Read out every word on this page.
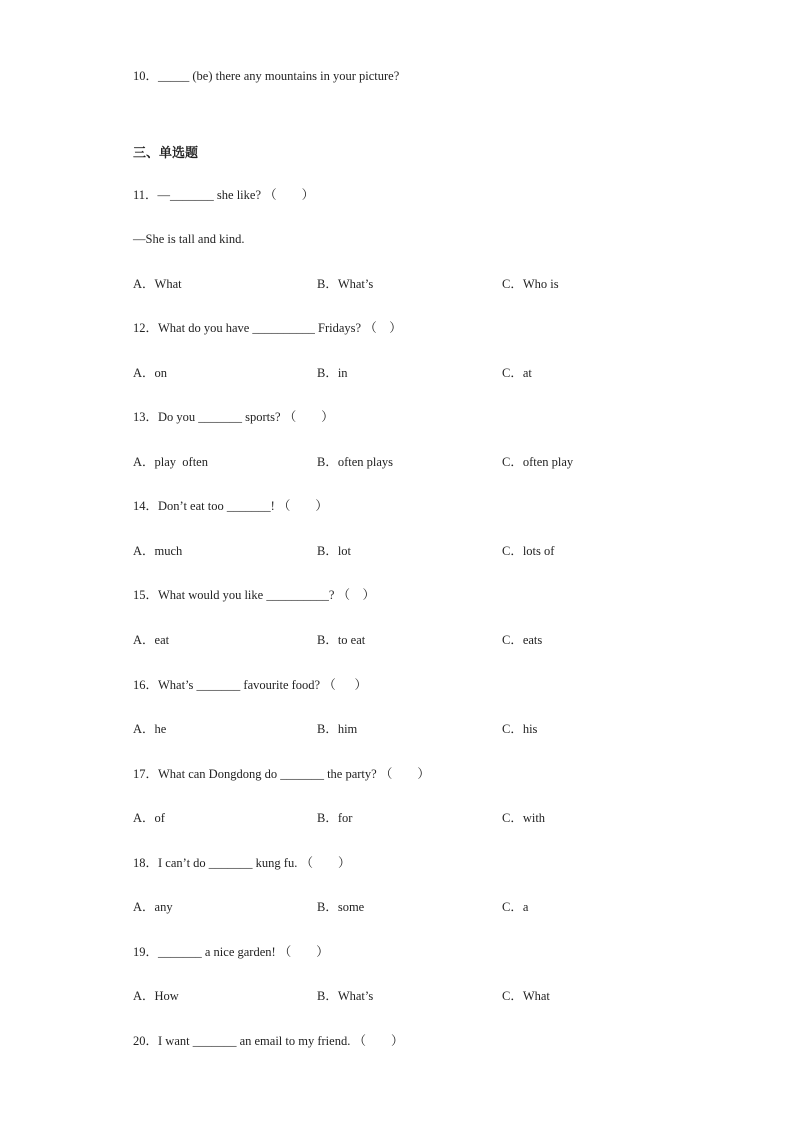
10．_____ (be) there any mountains in your picture?
三、单选题
11．—_______ she like? （        ）
—She is tall and kind.
A．What	B．What’s	C．Who is
12．What do you have __________ Fridays? （    ）
A．on	B．in	C．at
13．Do you _______ sports? （        ）
A．play  often	B．often plays	C．often play
14．Don’t eat too _______! （        ）
A．much	B．lot	C．lots of
15．What would you like __________? （    ）
A．eat	B．to eat	C．eats
16．What’s _______ favourite food? （      ）
A．he	B．him	C．his
17．What can Dongdong do _______ the party? （        ）
A．of	B．for	C．with
18．I can’t do _______ kung fu. （        ）
A．any	B．some	C．a
19．_______ a nice garden! （        ）
A．How	B．What’s	C．What
20．I want _______ an email to my friend. （        ）
